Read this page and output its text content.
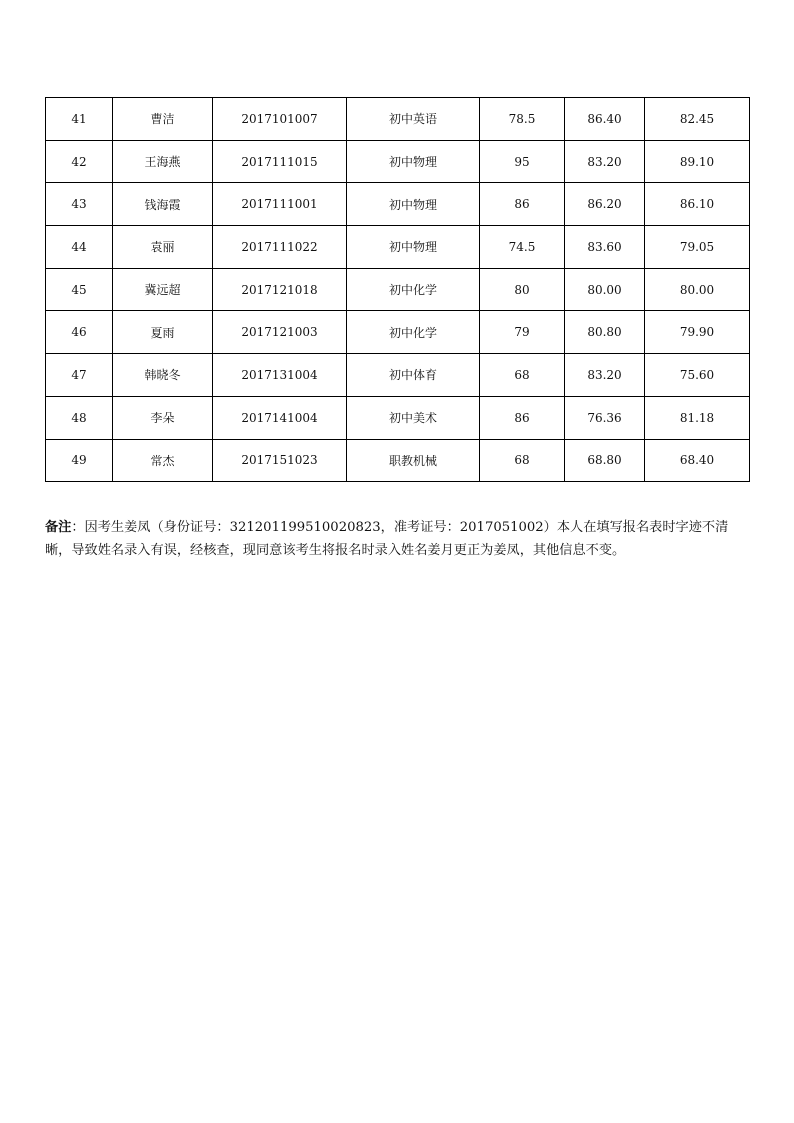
41	曹洁	2017101007	初中英语	78.5	86.40	82.45
42	王海燕	2017111015	初中物理	95	83.20	89.10
43	钱海霞	2017111001	初中物理	86	86.20	86.10
44	袁丽	2017111022	初中物理	74.5	83.60	79.05
45	冀远超	2017121018	初中化学	80	80.00	80.00
46	夏雨	2017121003	初中化学	79	80.80	79.90
47	韩晓冬	2017131004	初中体育	68	83.20	75.60
48	李朵	2017141004	初中美术	86	76.36	81.18
49	常杰	2017151023	职教机械	68	68.80	68.40

备注：因考生姜凤（身份证号：321201199510020823，准考证号：2017051002）本人在填写报名表时字迹不清晰，导致姓名录入有误，经核查，现同意该考生将报名时录入姓名姜月更正为姜凤，其他信息不变。
